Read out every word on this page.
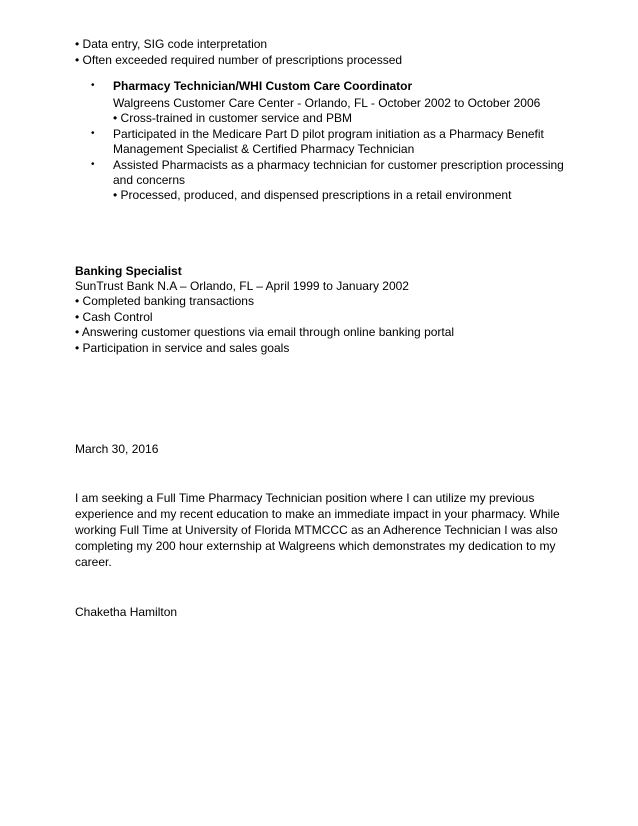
• Data entry, SIG code interpretation
• Often exceeded required number of prescriptions processed
• Pharmacy Technician/WHI Custom Care Coordinator
Walgreens Customer Care Center - Orlando, FL - October 2002 to October 2006
• Cross-trained in customer service and PBM
• Participated in the Medicare Part D pilot program initiation as a Pharmacy Benefit
Management Specialist & Certified Pharmacy Technician
• Assisted Pharmacists as a pharmacy technician for customer prescription processing
and concerns
• Processed, produced, and dispensed prescriptions in a retail environment
Banking Specialist
SunTrust Bank N.A – Orlando, FL – April 1999 to January 2002
• Completed banking transactions
• Cash Control
• Answering customer questions via email through online banking portal
• Participation in service and sales goals
March 30, 2016
I am seeking a Full Time Pharmacy Technician position where I can utilize my previous
experience and my recent education to make an immediate impact in your pharmacy. While
working Full Time at University of Florida MTMCCC as an Adherence Technician I was also
completing my 200 hour externship at Walgreens which demonstrates my dedication to my
career.
Chaketha Hamilton
